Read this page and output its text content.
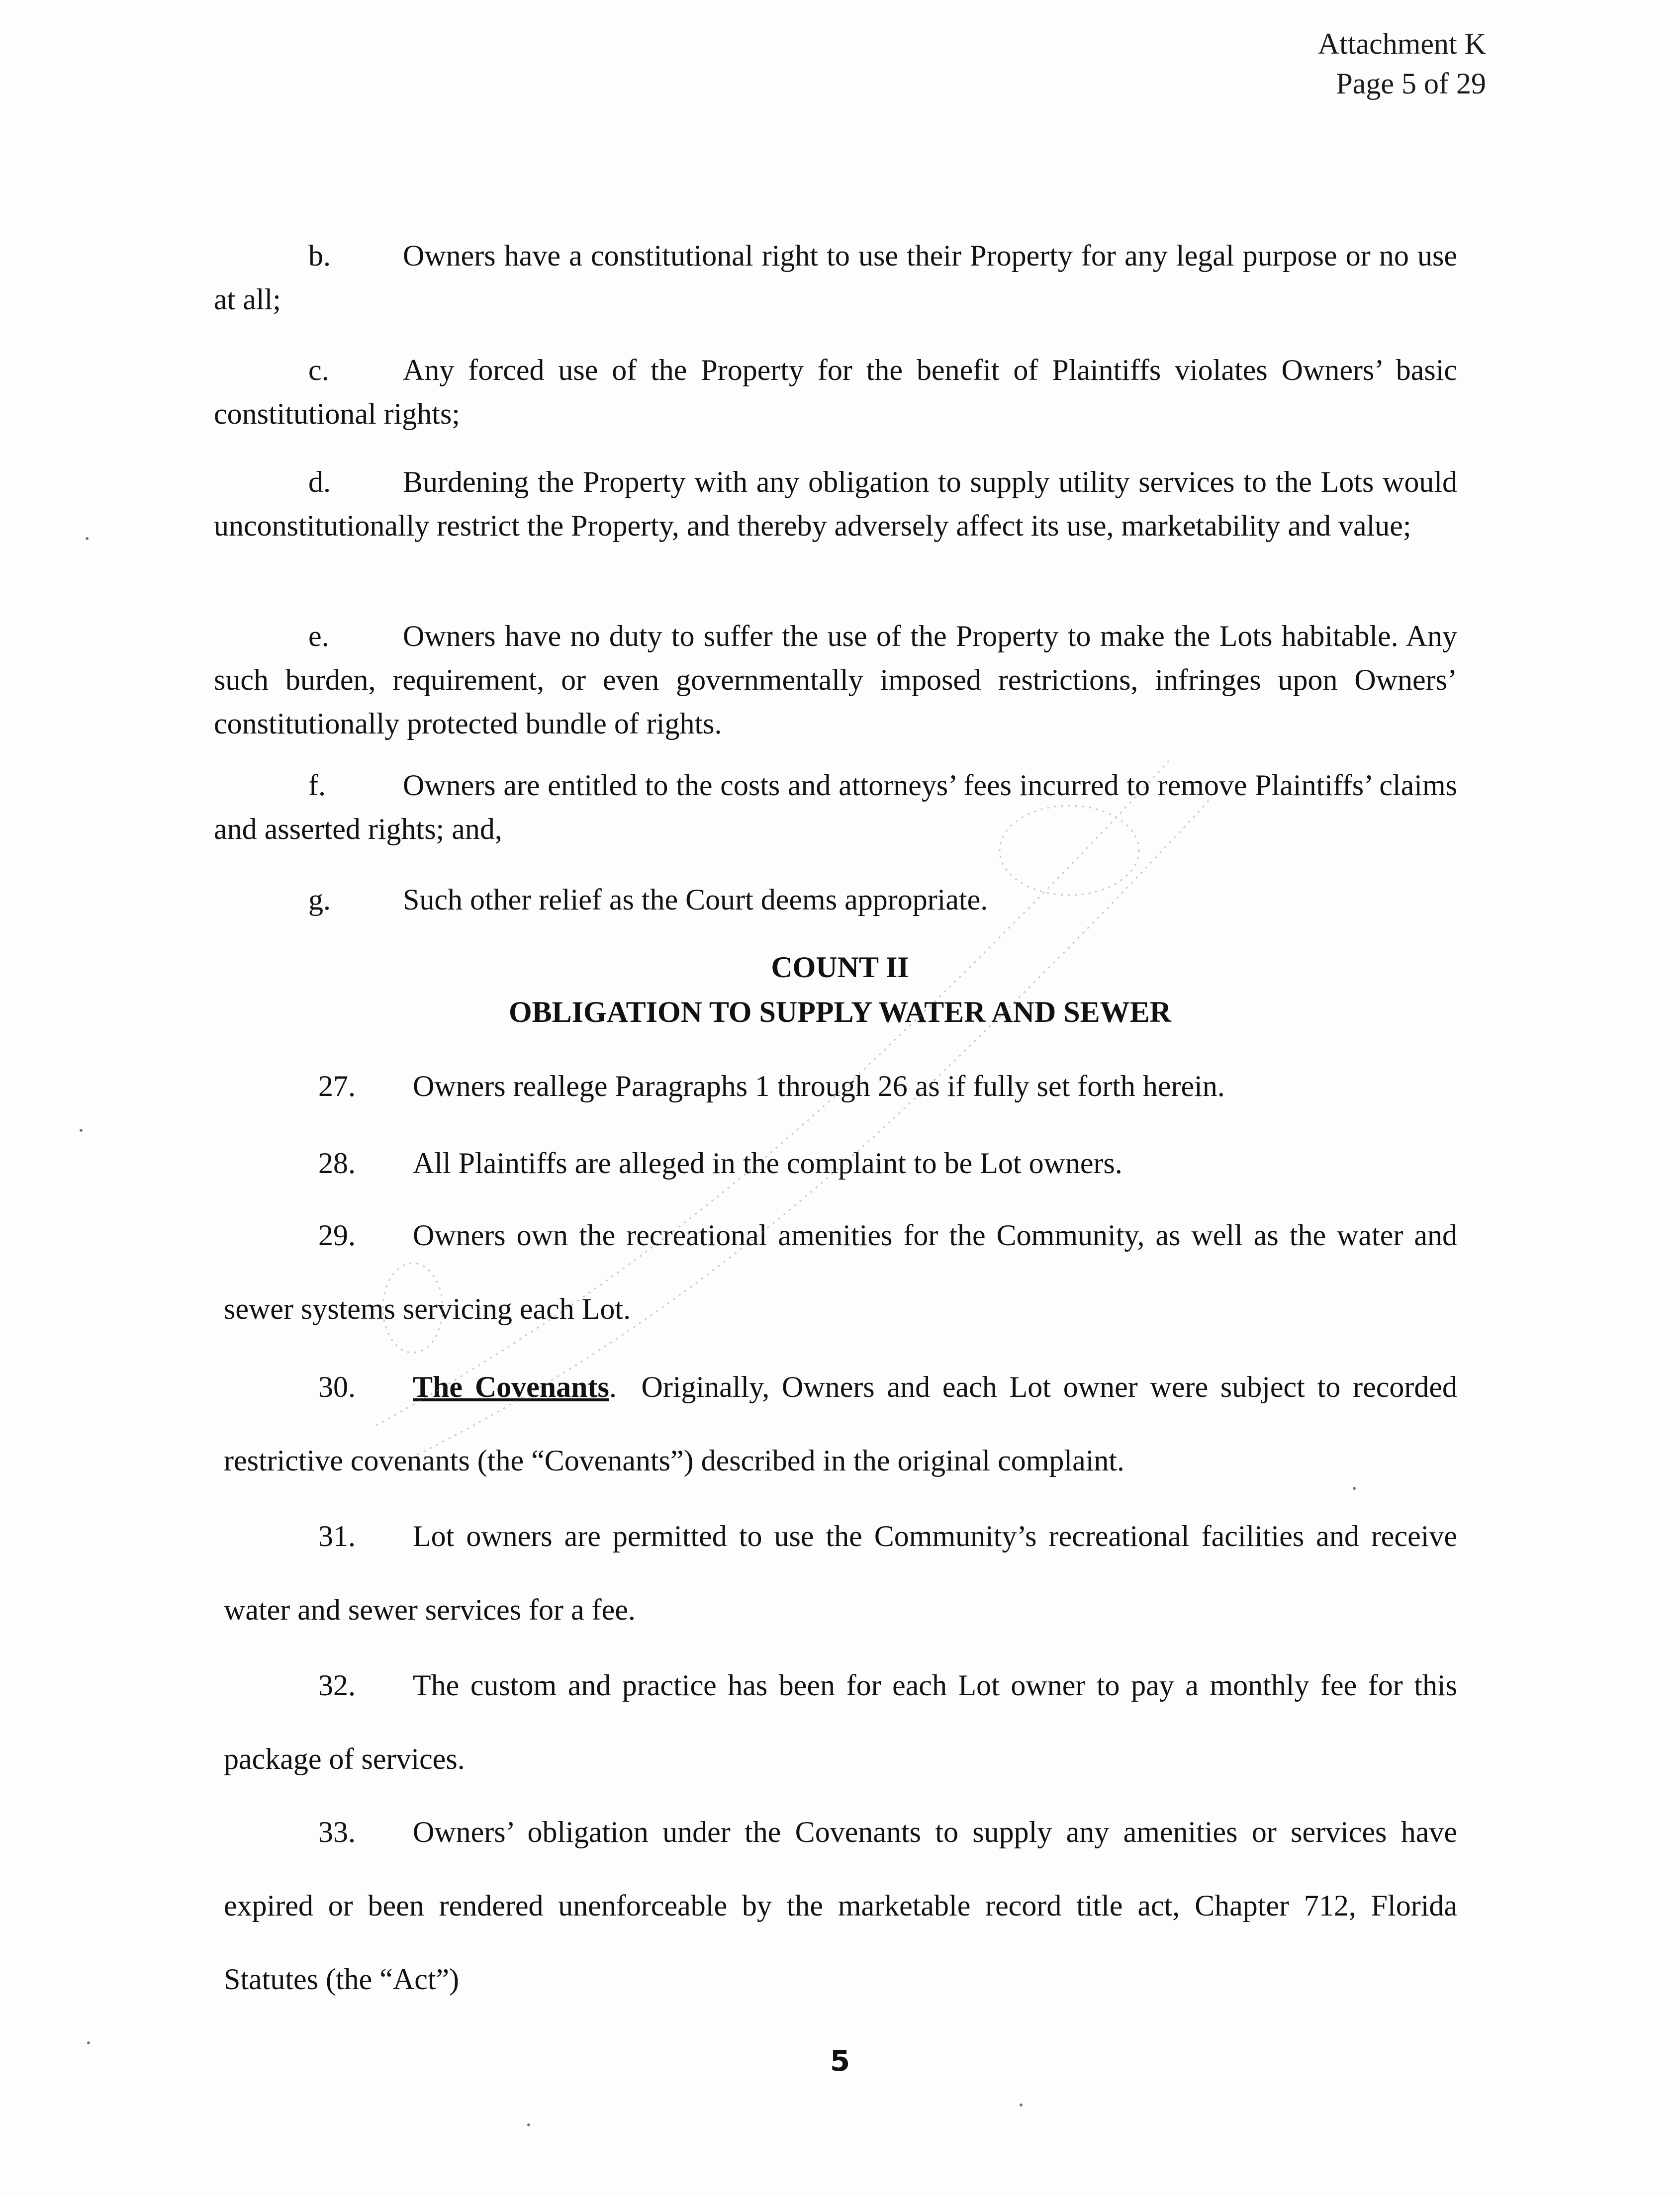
Attachment K
Page 5 of 29
b.	Owners have a constitutional right to use their Property for any legal purpose or no use at all;
c.	Any forced use of the Property for the benefit of Plaintiffs violates Owners’ basic constitutional rights;
d.	Burdening the Property with any obligation to supply utility services to the Lots would unconstitutionally restrict the Property, and thereby adversely affect its use, marketability and value;
e.	Owners have no duty to suffer the use of the Property to make the Lots habitable. Any such burden, requirement, or even governmentally imposed restrictions, infringes upon Owners’ constitutionally protected bundle of rights.
f.	Owners are entitled to the costs and attorneys’ fees incurred to remove Plaintiffs’ claims and asserted rights; and,
g.	Such other relief as the Court deems appropriate.
COUNT II
OBLIGATION TO SUPPLY WATER AND SEWER
27.	Owners reallege Paragraphs 1 through 26 as if fully set forth herein.
28.	All Plaintiffs are alleged in the complaint to be Lot owners.
29.	Owners own the recreational amenities for the Community, as well as the water and sewer systems servicing each Lot.
30.	The Covenants. Originally, Owners and each Lot owner were subject to recorded restrictive covenants (the “Covenants”) described in the original complaint.
31.	Lot owners are permitted to use the Community’s recreational facilities and receive water and sewer services for a fee.
32.	The custom and practice has been for each Lot owner to pay a monthly fee for this package of services.
33.	Owners’ obligation under the Covenants to supply any amenities or services have expired or been rendered unenforceable by the marketable record title act, Chapter 712, Florida Statutes (the “Act”)
5
